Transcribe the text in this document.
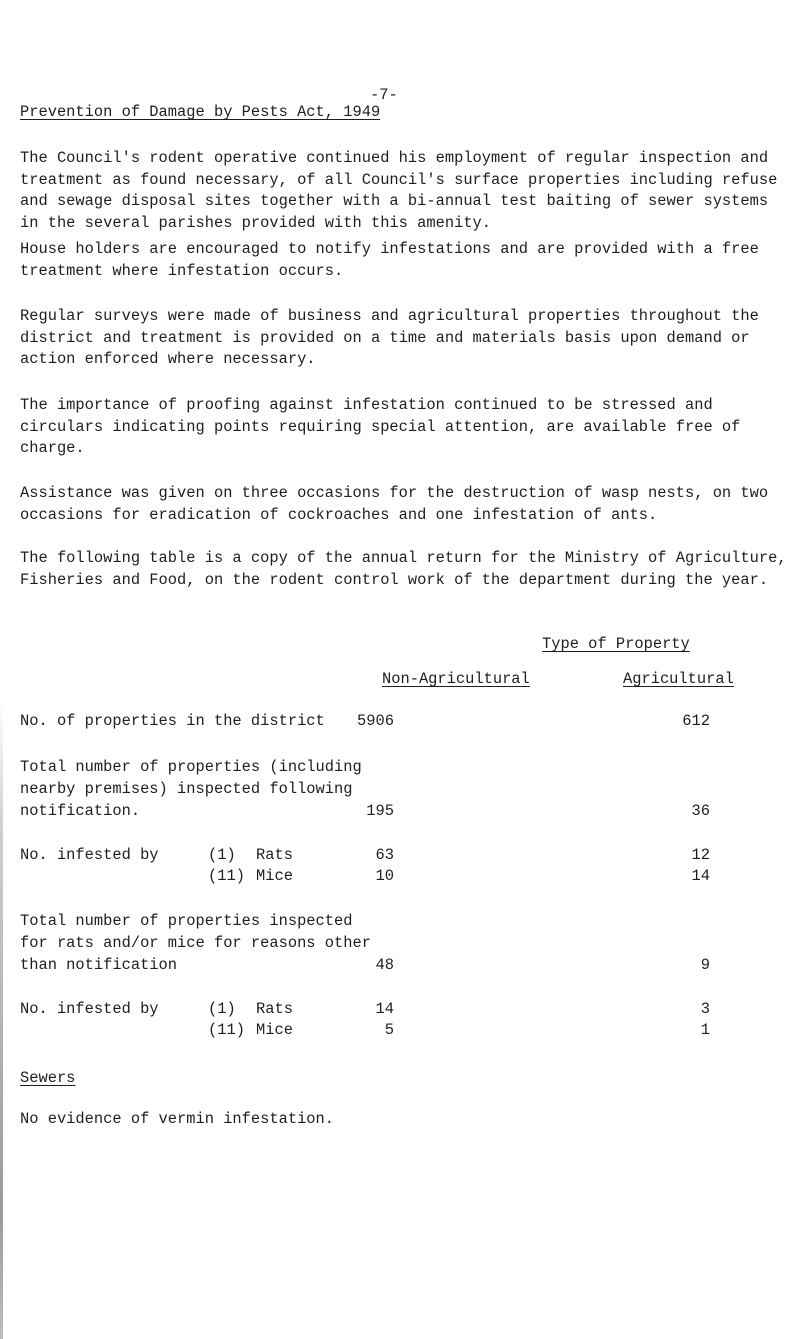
-7-
Prevention of Damage by Pests Act, 1949

The Council's rodent operative continued his employment of regular inspection and treatment as found necessary, of all Council's surface properties including refuse and sewage disposal sites together with a bi-annual test baiting of sewer systems in the several parishes provided with this amenity.

House holders are encouraged to notify infestations and are provided with a free treatment where infestation occurs.

Regular surveys were made of business and agricultural properties throughout the district and treatment is provided on a time and materials basis upon demand or action enforced where necessary.

The importance of proofing against infestation continued to be stressed and circulars indicating points requiring special attention, are available free of charge.

Assistance was given on three occasions for the destruction of wasp nests, on two occasions for eradication of cockroaches and one infestation of ants.

The following table is a copy of the annual return for the Ministry of Agriculture, Fisheries and Food, on the rodent control work of the department during the year.

Type of Property
Non-Agricultural	Agricultural
No. of properties in the district	5906	612
Total number of properties (including
nearby premises) inspected following
notification.	195	36
No. infested by	(1) Rats	63	12
(11) Mice	10	14
Total number of properties inspected
for rats and/or mice for reasons other
than notification	48	9
No. infested by	(1) Rats	14	3
(11) Mice	5	1
Sewers
No evidence of vermin infestation.
